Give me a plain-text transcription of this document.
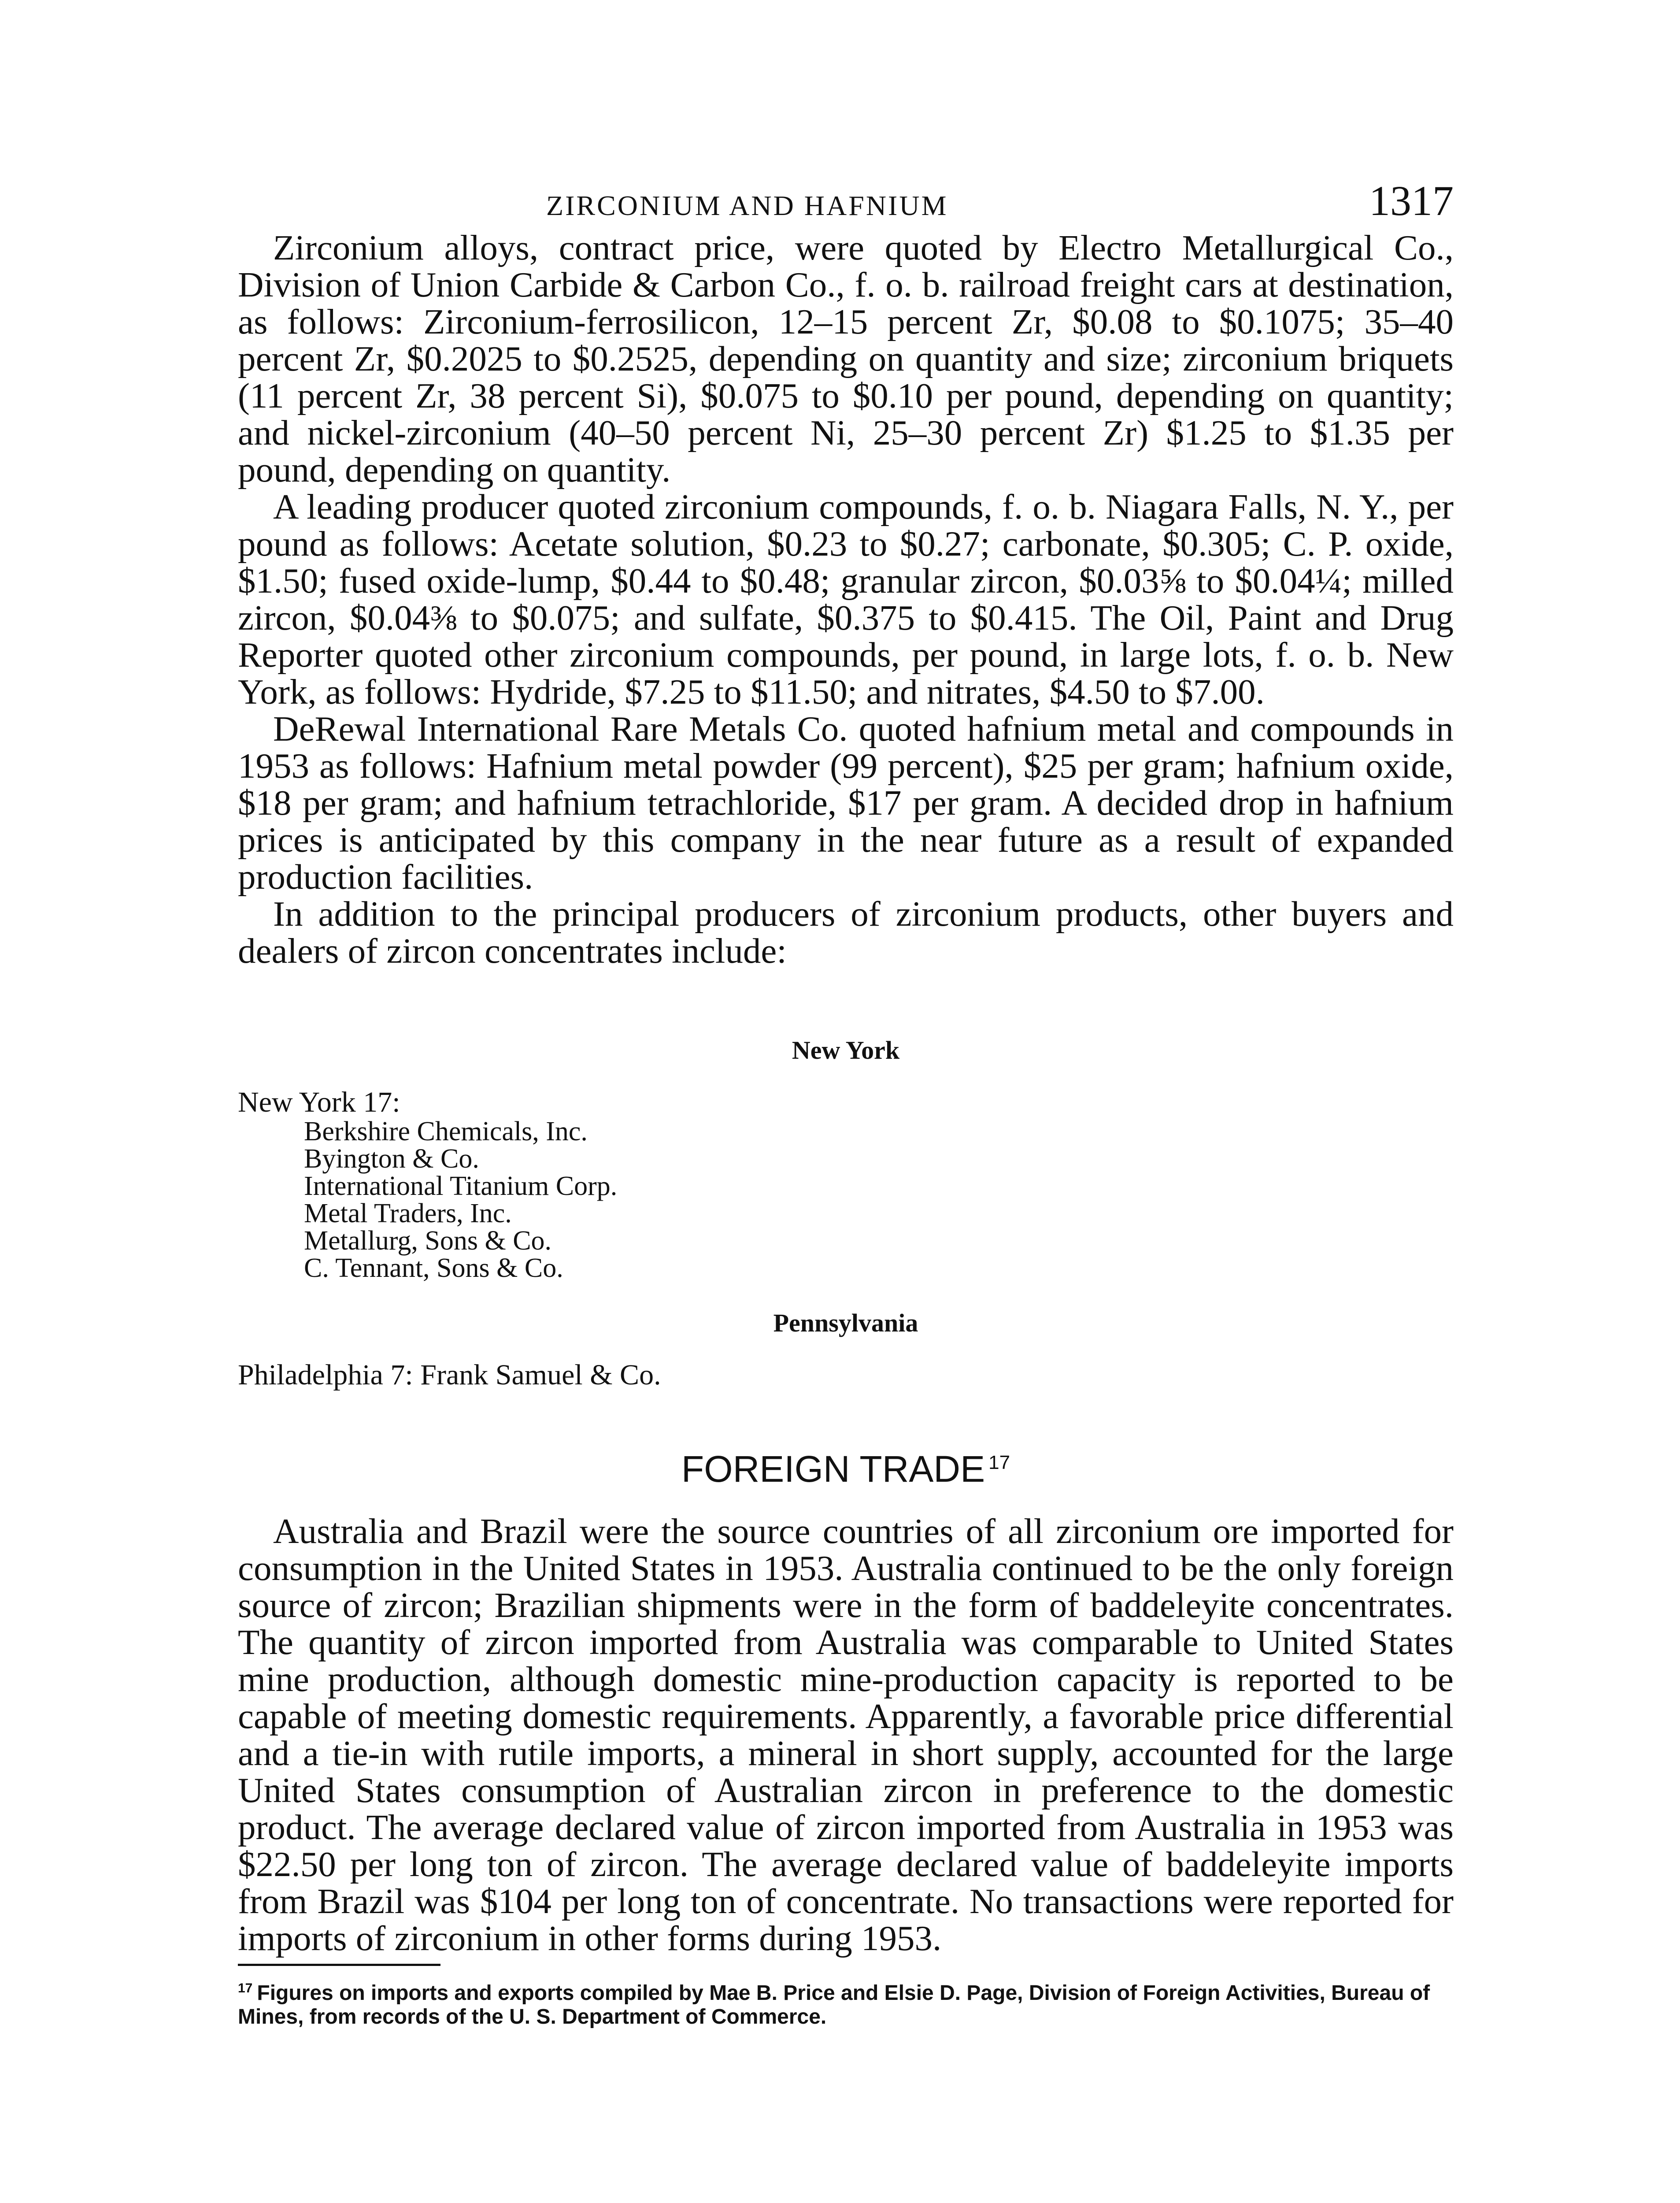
ZIRCONIUM AND HAFNIUM	1317

Zirconium alloys, contract price, were quoted by Electro Metallurgical Co., Division of Union Carbide & Carbon Co., f. o. b. railroad freight cars at destination, as follows: Zirconium-ferrosilicon, 12–15 percent Zr, $0.08 to $0.1075; 35–40 percent Zr, $0.2025 to $0.2525, depending on quantity and size; zirconium briquets (11 percent Zr, 38 percent Si), $0.075 to $0.10 per pound, depending on quantity; and nickel-zirconium (40–50 percent Ni, 25–30 percent Zr) $1.25 to $1.35 per pound, depending on quantity.

A leading producer quoted zirconium compounds, f. o. b. Niagara Falls, N. Y., per pound as follows: Acetate solution, $0.23 to $0.27; carbonate, $0.305; C. P. oxide, $1.50; fused oxide-lump, $0.44 to $0.48; granular zircon, $0.03⅝ to $0.04¼; milled zircon, $0.04⅜ to $0.075; and sulfate, $0.375 to $0.415. The Oil, Paint and Drug Reporter quoted other zirconium compounds, per pound, in large lots, f. o. b. New York, as follows: Hydride, $7.25 to $11.50; and nitrates, $4.50 to $7.00.

DeRewal International Rare Metals Co. quoted hafnium metal and compounds in 1953 as follows: Hafnium metal powder (99 percent), $25 per gram; hafnium oxide, $18 per gram; and hafnium tetrachloride, $17 per gram. A decided drop in hafnium prices is anticipated by this company in the near future as a result of expanded production facilities.

In addition to the principal producers of zirconium products, other buyers and dealers of zircon concentrates include:

New York
New York 17:
Berkshire Chemicals, Inc.
Byington & Co.
International Titanium Corp.
Metal Traders, Inc.
Metallurg, Sons & Co.
C. Tennant, Sons & Co.
Pennsylvania
Philadelphia 7: Frank Samuel & Co.
FOREIGN TRADE $^{17}$

Australia and Brazil were the source countries of all zirconium ore imported for consumption in the United States in 1953. Australia continued to be the only foreign source of zircon; Brazilian shipments were in the form of baddeleyite concentrates. The quantity of zircon imported from Australia was comparable to United States mine production, although domestic mine-production capacity is reported to be capable of meeting domestic requirements. Apparently, a favorable price differential and a tie-in with rutile imports, a mineral in short supply, accounted for the large United States consumption of Australian zircon in preference to the domestic product. The average declared value of zircon imported from Australia in 1953 was $22.50 per long ton of zircon. The average declared value of baddeleyite imports from Brazil was $104 per long ton of concentrate. No transactions were reported for imports of zirconium in other forms during 1953.

$^{17}$ Figures on imports and exports compiled by Mae B. Price and Elsie D. Page, Division of Foreign Activities, Bureau of Mines, from records of the U. S. Department of Commerce.
